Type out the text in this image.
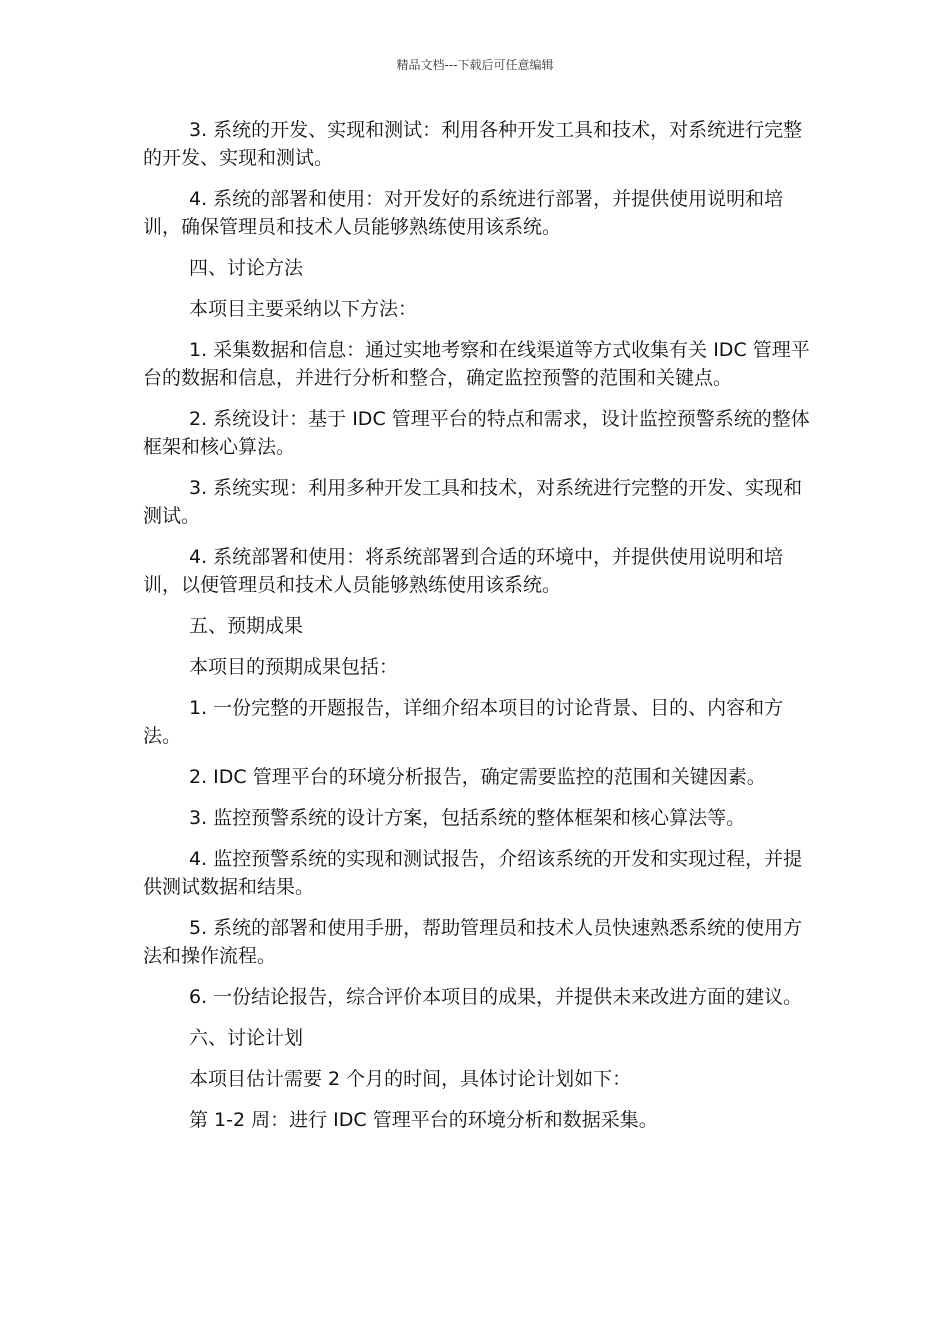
精品文档---下载后可任意编辑

3. 系统的开发、实现和测试：利用各种开发工具和技术，对系统进行完整的开发、实现和测试。

4. 系统的部署和使用：对开发好的系统进行部署，并提供使用说明和培训，确保管理员和技术人员能够熟练使用该系统。

四、讨论方法

本项目主要采纳以下方法：

1. 采集数据和信息：通过实地考察和在线渠道等方式收集有关 IDC 管理平台的数据和信息，并进行分析和整合，确定监控预警的范围和关键点。

2. 系统设计：基于 IDC 管理平台的特点和需求，设计监控预警系统的整体框架和核心算法。

3. 系统实现：利用多种开发工具和技术，对系统进行完整的开发、实现和测试。

4. 系统部署和使用：将系统部署到合适的环境中，并提供使用说明和培训，以便管理员和技术人员能够熟练使用该系统。

五、预期成果

本项目的预期成果包括：

1. 一份完整的开题报告，详细介绍本项目的讨论背景、目的、内容和方法。

2. IDC 管理平台的环境分析报告，确定需要监控的范围和关键因素。

3. 监控预警系统的设计方案，包括系统的整体框架和核心算法等。

4. 监控预警系统的实现和测试报告，介绍该系统的开发和实现过程，并提供测试数据和结果。

5. 系统的部署和使用手册，帮助管理员和技术人员快速熟悉系统的使用方法和操作流程。

6. 一份结论报告，综合评价本项目的成果，并提供未来改进方面的建议。

六、讨论计划

本项目估计需要 2 个月的时间，具体讨论计划如下：

第 1-2 周：进行 IDC 管理平台的环境分析和数据采集。
